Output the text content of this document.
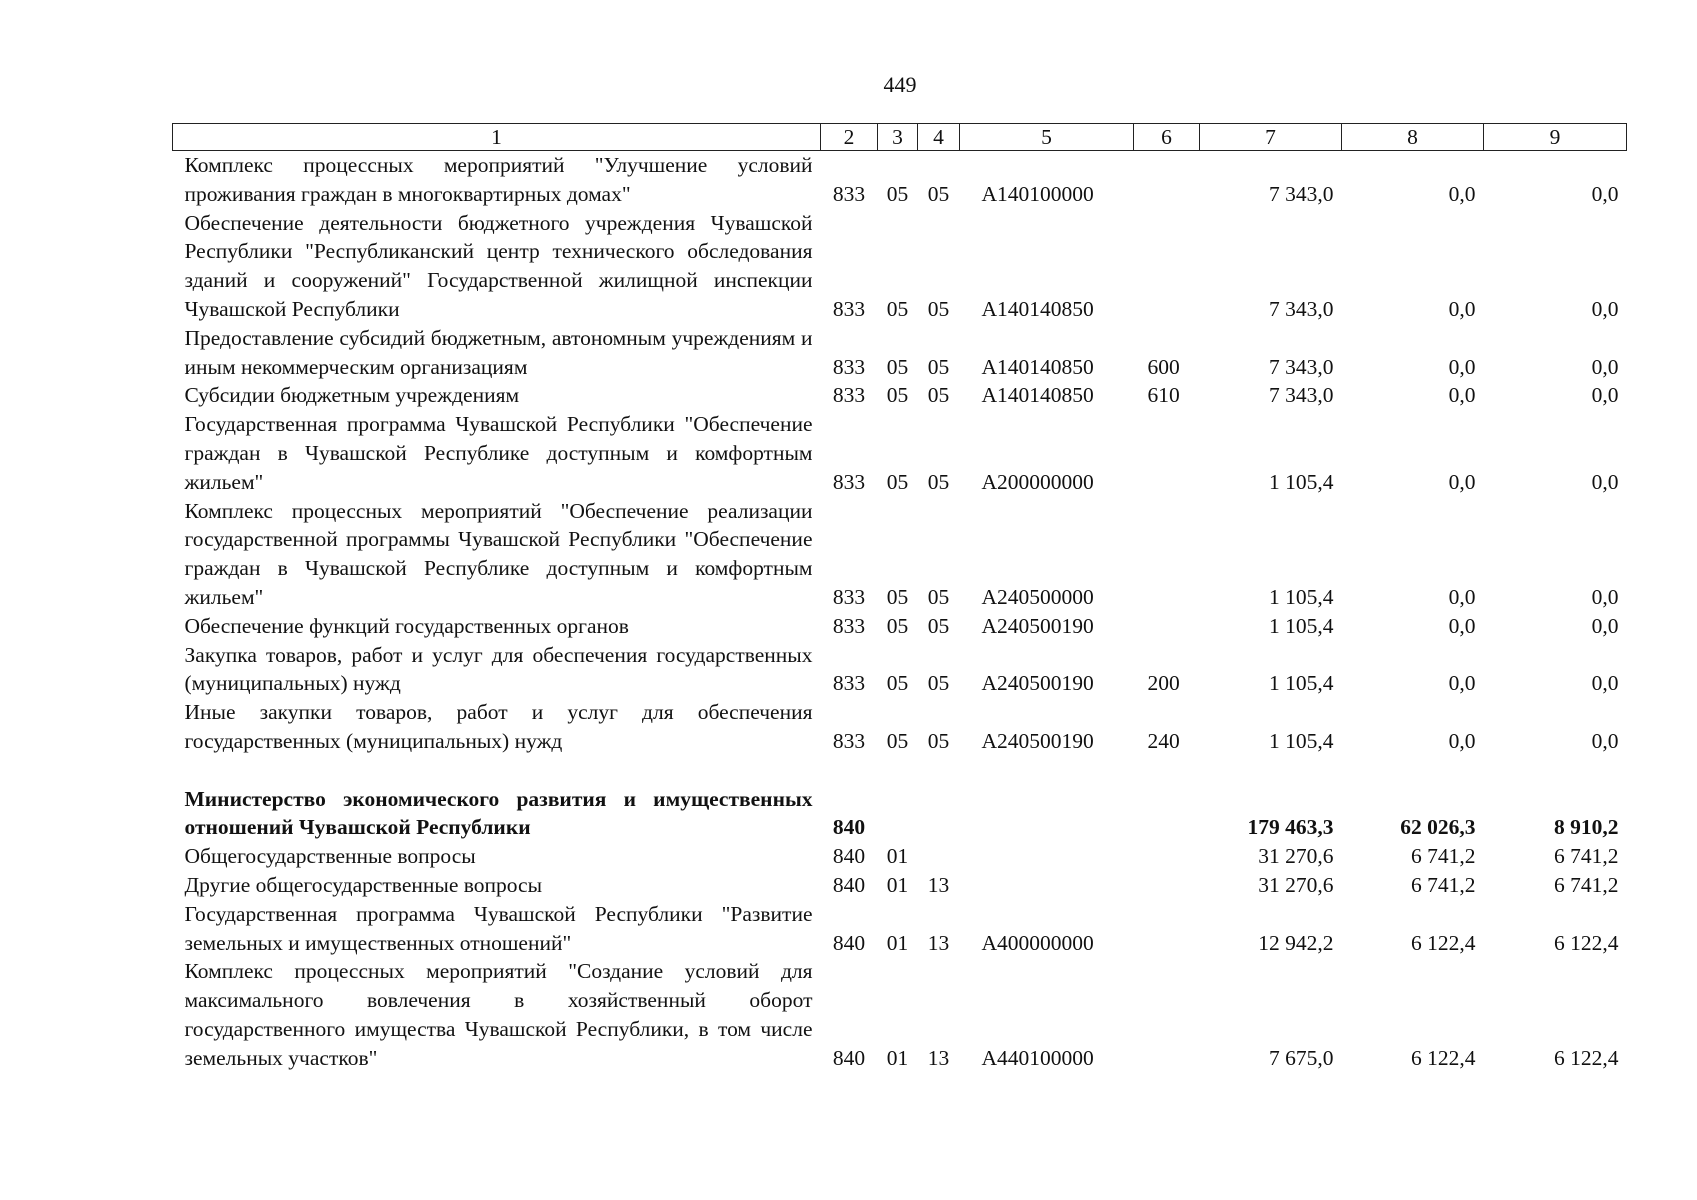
449
1	2	3	4	5	6	7	8	9
Комплекс процессных мероприятий "Улучшение условий проживания граждан в многоквартирных домах"	833	05	05	А140100000		7 343,0	0,0	0,0
Обеспечение деятельности бюджетного учреждения Чувашской Республики "Республиканский центр технического обследования зданий и сооружений" Государственной жилищной инспекции Чувашской Республики	833	05	05	А140140850		7 343,0	0,0	0,0
Предоставление субсидий бюджетным, автономным учреждениям и иным некоммерческим организациям	833	05	05	А140140850	600	7 343,0	0,0	0,0
Субсидии бюджетным учреждениям	833	05	05	А140140850	610	7 343,0	0,0	0,0
Государственная программа Чувашской Республики "Обеспечение граждан в Чувашской Республике доступным и комфортным жильем"	833	05	05	А200000000		1 105,4	0,0	0,0
Комплекс процессных мероприятий "Обеспечение реализации государственной программы Чувашской Республики "Обеспечение граждан в Чувашской Республике доступным и комфортным жильем"	833	05	05	А240500000		1 105,4	0,0	0,0
Обеспечение функций государственных органов	833	05	05	А240500190		1 105,4	0,0	0,0
Закупка товаров, работ и услуг для обеспечения государственных (муниципальных) нужд	833	05	05	А240500190	200	1 105,4	0,0	0,0
Иные закупки товаров, работ и услуг для обеспечения государственных (муниципальных) нужд	833	05	05	А240500190	240	1 105,4	0,0	0,0

Министерство экономического развития и имущественных отношений Чувашской Республики	840					179 463,3	62 026,3	8 910,2
Общегосударственные вопросы	840	01				31 270,6	6 741,2	6 741,2
Другие общегосударственные вопросы	840	01	13			31 270,6	6 741,2	6 741,2
Государственная программа Чувашской Республики "Развитие земельных и имущественных отношений"	840	01	13	А400000000		12 942,2	6 122,4	6 122,4
Комплекс процессных мероприятий "Создание условий для максимального вовлечения в хозяйственный оборот государственного имущества Чувашской Республики, в том числе земельных участков"	840	01	13	А440100000		7 675,0	6 122,4	6 122,4
